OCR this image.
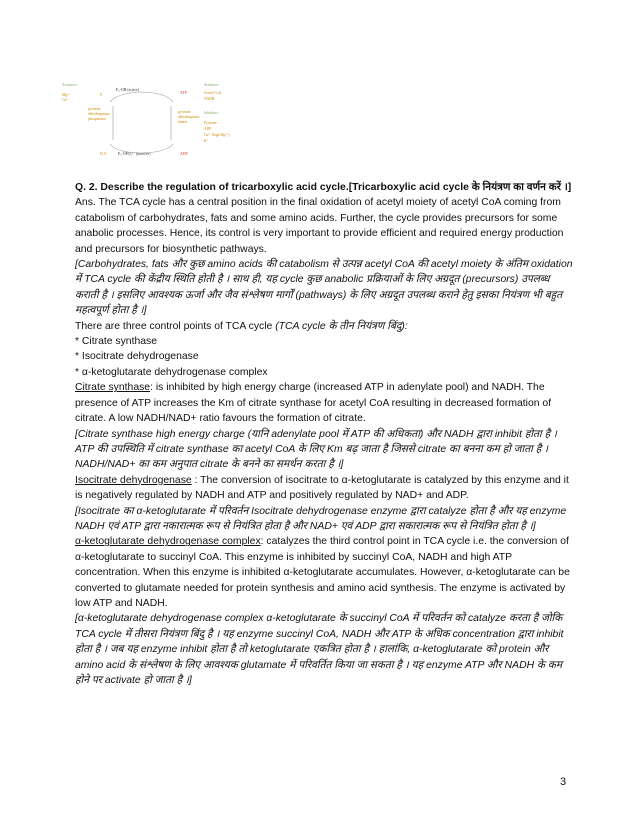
Activators
Mg²⁺
Ca²⁺
Pᵢ
pyruvate
dehydrogenase
phosphatase
E₁-OH (active)
E₁-OPO₃²⁻ (inactive)
H₂O
ATP
ADP
pyruvate
dehydrogenase
kinase
Activators
Acetyl CoA
NADH
Inhibitors
Pyruvate
ADP
Ca²⁺ (high Mg²⁺)
K⁺

Q. 2. Describe the regulation of tricarboxylic acid cycle.[Tricarboxylic acid cycle के नियंत्रण का वर्णन करें ।]

Ans. The TCA cycle has a central position in the final oxidation of acetyl moiety of acetyl CoA coming from catabolism of carbohydrates, fats and some amino acids. Further, the cycle provides precursors for some anabolic processes. Hence, its control is very important to provide efficient and required energy production and precursors for biosynthetic pathways.

[Carbohydrates, fats और कुछ amino acids की catabolism से उत्पन्न acetyl CoA की acetyl moiety के अंतिम oxidation में TCA cycle की केंद्रीय स्थिति होती है । साथ ही, यह cycle कुछ anabolic प्रक्रियाओं के लिए अग्रदूत (precursors) उपलब्ध कराती है । इसलिए आवश्यक ऊर्जा और जैव संश्लेषण मार्गों (pathways) के लिए अग्रदूत उपलब्ध कराने हेतु इसका नियंत्रण भी बहुत महत्वपूर्ण होता है ।]

There are three control points of TCA cycle (TCA cycle के तीन नियंत्रण बिंदु):

* Citrate synthase

* Isocitrate dehydrogenase

* α-ketoglutarate dehydrogenase complex

Citrate synthase: is inhibited by high energy charge (increased ATP in adenylate pool) and NADH. The presence of ATP increases the Km of citrate synthase for acetyl CoA resulting in decreased formation of citrate. A low NADH/NAD+ ratio favours the formation of citrate.

[Citrate synthase high energy charge (यानि adenylate pool में ATP की अधिकता) और NADH द्वारा inhibit होता है । ATP की उपस्थिति में citrate synthase का acetyl CoA के लिए Km बढ़ जाता है जिससे citrate का बनना कम हो जाता है । NADH/NAD+ का कम अनुपात citrate के बनने का समर्थन करता है ।]

Isocitrate dehydrogenase : The conversion of isocitrate to α-ketoglutarate is catalyzed by this enzyme and it is negatively regulated by NADH and ATP and positively regulated by NAD+ and ADP.

[Isocitrate का α-ketoglutarate में परिवर्तन Isocitrate dehydrogenase enzyme द्वारा catalyze होता है और यह enzyme NADH एवं ATP द्वारा नकारात्मक रूप से नियंत्रित होता है और NAD+ एवं ADP द्वारा सकारात्मक रूप से नियंत्रित होता है ।]

α-ketoglutarate dehydrogenase complex: catalyzes the third control point in TCA cycle i.e. the conversion of α-ketoglutarate to succinyl CoA. This enzyme is inhibited by succinyl CoA, NADH and high ATP concentration. When this enzyme is inhibited α-ketoglutarate accumulates. However, α-ketoglutarate can be converted to glutamate needed for protein synthesis and amino acid synthesis. The enzyme is activated by low ATP and NADH.

[α-ketoglutarate dehydrogenase complex α-ketoglutarate के succinyl CoA में परिवर्तन को catalyze करता है जोकि TCA cycle में तीसरा नियंत्रण बिंदु है । यह enzyme succinyl CoA, NADH और ATP के अधिक concentration द्वारा inhibit होता है । जब यह enzyme inhibit होता है तो ketoglutarate एकत्रित होता है । हालांकि, α-ketoglutarate को protein और amino acid के संश्लेषण के लिए आवश्यक glutamate में परिवर्तित किया जा सकता है । यह enzyme ATP और NADH के कम होने पर activate हो जाता है ।]

3
